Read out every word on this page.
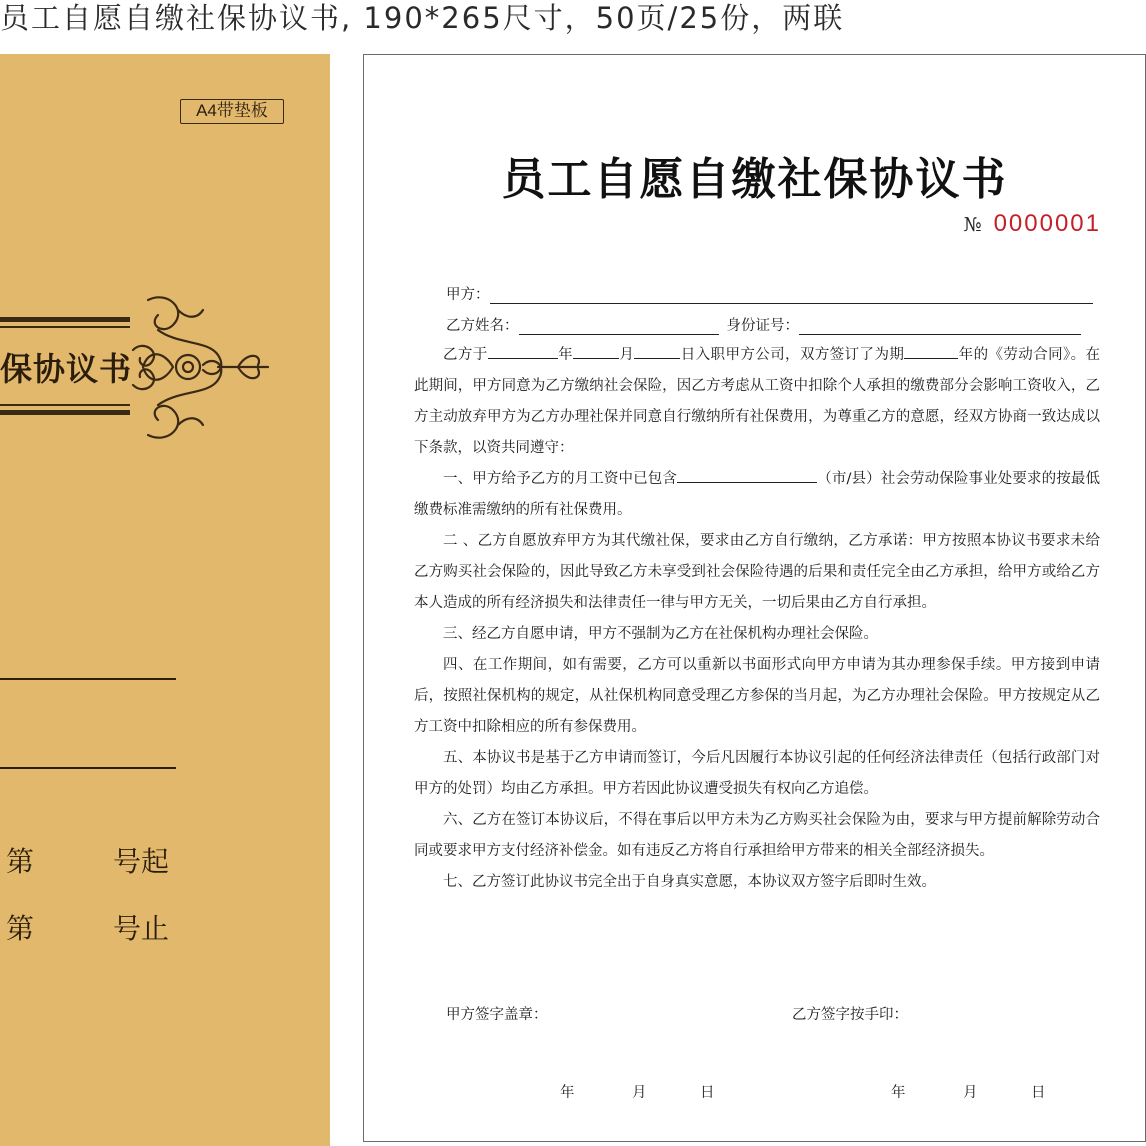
员工自愿自缴社保协议书, 190*265尺寸，50页/25份，两联
A4带垫板
保协议书
第	号起
第	号止
员工自愿自缴社保协议书
№ 0000001
甲方：
乙方姓名：	身份证号：

乙方于	年	月	日入职甲方公司，双方签订了为期	年的《劳动合同》。在此期间，甲方同意为乙方缴纳社会保险，因乙方考虑从工资中扣除个人承担的缴费部分会影响工资收入，乙方主动放弃甲方为乙方办理社保并同意自行缴纳所有社保费用，为尊重乙方的意愿，经双方协商一致达成以下条款，以资共同遵守：

一、甲方给予乙方的月工资中已包含	（市/县）社会劳动保险事业处要求的按最低缴费标准需缴纳的所有社保费用。

二 、乙方自愿放弃甲方为其代缴社保，要求由乙方自行缴纳，乙方承诺：甲方按照本协议书要求未给乙方购买社会保险的，因此导致乙方未享受到社会保险待遇的后果和责任完全由乙方承担，给甲方或给乙方本人造成的所有经济损失和法律责任一律与甲方无关，一切后果由乙方自行承担。

三、经乙方自愿申请，甲方不强制为乙方在社保机构办理社会保险。

四、在工作期间，如有需要，乙方可以重新以书面形式向甲方申请为其办理参保手续。甲方接到申请后，按照社保机构的规定，从社保机构同意受理乙方参保的当月起，为乙方办理社会保险。甲方按规定从乙方工资中扣除相应的所有参保费用。

五、本协议书是基于乙方申请而签订，今后凡因履行本协议引起的任何经济法律责任（包括行政部门对甲方的处罚）均由乙方承担。甲方若因此协议遭受损失有权向乙方追偿。

六、乙方在签订本协议后，不得在事后以甲方未为乙方购买社会保险为由，要求与甲方提前解除劳动合同或要求甲方支付经济补偿金。如有违反乙方将自行承担给甲方带来的相关全部经济损失。

七、乙方签订此协议书完全出于自身真实意愿，本协议双方签字后即时生效。

甲方签字盖章：	乙方签字按手印：
年	月	日	年	月	日
